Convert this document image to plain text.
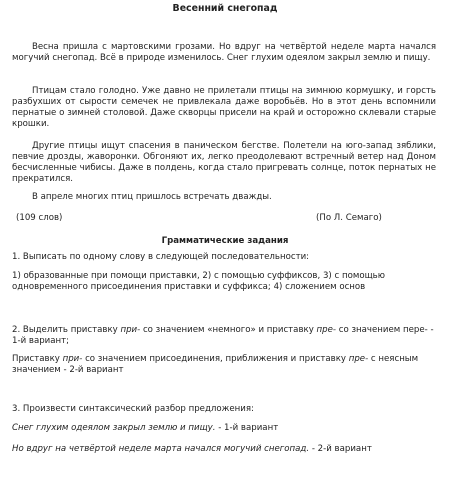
Весенний снегопад

Весна пришла с мартовскими грозами. Но вдруг на четвёртой неделе марта начался могучий снегопад. Всё в природе изменилось. Снег глухим одеялом закрыл землю и пищу.

Птицам стало голодно. Уже давно не прилетали птицы на зимнюю кормушку, и горсть разбухших от сырости семечек не привлекала даже воробьёв. Но в этот день вспомнили пернатые о зимней столовой. Даже скворцы присели на край и осторожно склевали старые крошки.

Другие птицы ищут спасения в паническом бегстве. Полетели на юго-запад зяблики, певчие дрозды, жаворонки. Обгоняют их, легко преодолевают встречный ветер над Доном бесчисленные чибисы. Даже в полдень, когда стало пригревать солнце, поток пернатых не прекратился.

В апреле многих птиц пришлось встречать дважды.

(109 слов)	(По Л. Семаго)
Грамматические задания

1. Выписать по одному слову в следующей последовательности:

1) образованные при помощи приставки, 2) с помощью суффиксов, 3) с помощью одновременного присоединения приставки и суффикса; 4) сложением основ

2. Выделить приставку при- со значением «немного» и приставку пре- со значением пере- - 1-й вариант;

Приставку при- со значением присоединения, приближения и приставку пре- с неясным значением - 2-й вариант

3. Произвести синтаксический разбор предложения:

Снег глухим одеялом закрыл землю и пищу. - 1-й вариант

Но вдруг на четвёртой неделе марта начался могучий снегопад. - 2-й вариант
